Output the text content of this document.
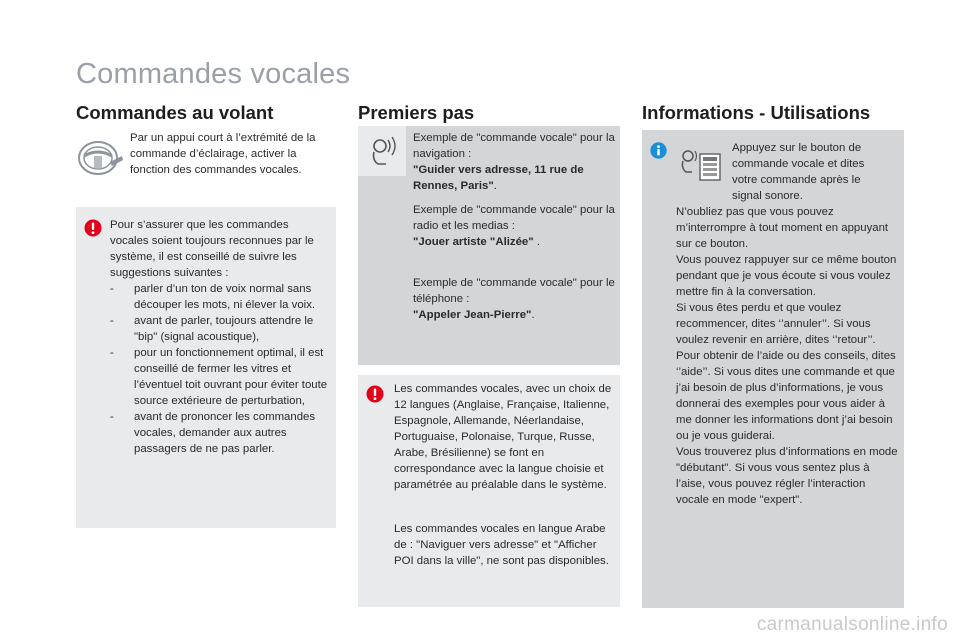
Commandes vocales
Commandes au volant
Par un appui court à l’extrémité de la commande d’éclairage, activer la fonction des commandes vocales.
Pour s’assurer que les commandes vocales soient toujours reconnues par le système, il est conseillé de suivre les suggestions suivantes :
- parler d’un ton de voix normal sans découper les mots, ni élever la voix.
- avant de parler, toujours attendre le "bip" (signal acoustique),
- pour un fonctionnement optimal, il est conseillé de fermer les vitres et l’éventuel toit ouvrant pour éviter toute source extérieure de perturbation,
- avant de prononcer les commandes vocales, demander aux autres passagers de ne pas parler.
Premiers pas
Exemple de "commande vocale" pour la navigation :
"Guider vers adresse, 11 rue de Rennes, Paris".
Exemple de "commande vocale" pour la radio et les medias :
"Jouer artiste "Alizée" .
Exemple de "commande vocale" pour le téléphone :
"Appeler Jean-Pierre".
Les commandes vocales, avec un choix de 12 langues (Anglaise, Française, Italienne, Espagnole, Allemande, Néerlandaise, Portuguaise, Polonaise, Turque, Russe, Arabe, Brésilienne) se font en correspondance avec la langue choisie et paramétrée au préalable dans le système.
Les commandes vocales en langue Arabe de : "Naviguer vers adresse" et "Afficher POI dans la ville", ne sont pas disponibles.
Informations - Utilisations
Appuyez sur le bouton de commande vocale et dites votre commande après le signal sonore.
N’oubliez pas que vous pouvez m’interrompre à tout moment en appuyant sur ce bouton.
Vous pouvez rappuyer sur ce même bouton pendant que je vous écoute si vous voulez mettre fin à la conversation.
Si vous êtes perdu et que voulez recommencer, dites ‘’annuler’’. Si vous voulez revenir en arrière, dites ‘’retour’’.
Pour obtenir de l’aide ou des conseils, dites ‘’aide’’. Si vous dites une commande et que j’ai besoin de plus d’informations, je vous donnerai des exemples pour vous aider à me donner les informations dont j’ai besoin ou je vous guiderai.
Vous trouverez plus d’informations en mode "débutant". Si vous vous sentez plus à l’aise, vous pouvez régler l’interaction vocale en mode "expert".
carmanualsonline.info
